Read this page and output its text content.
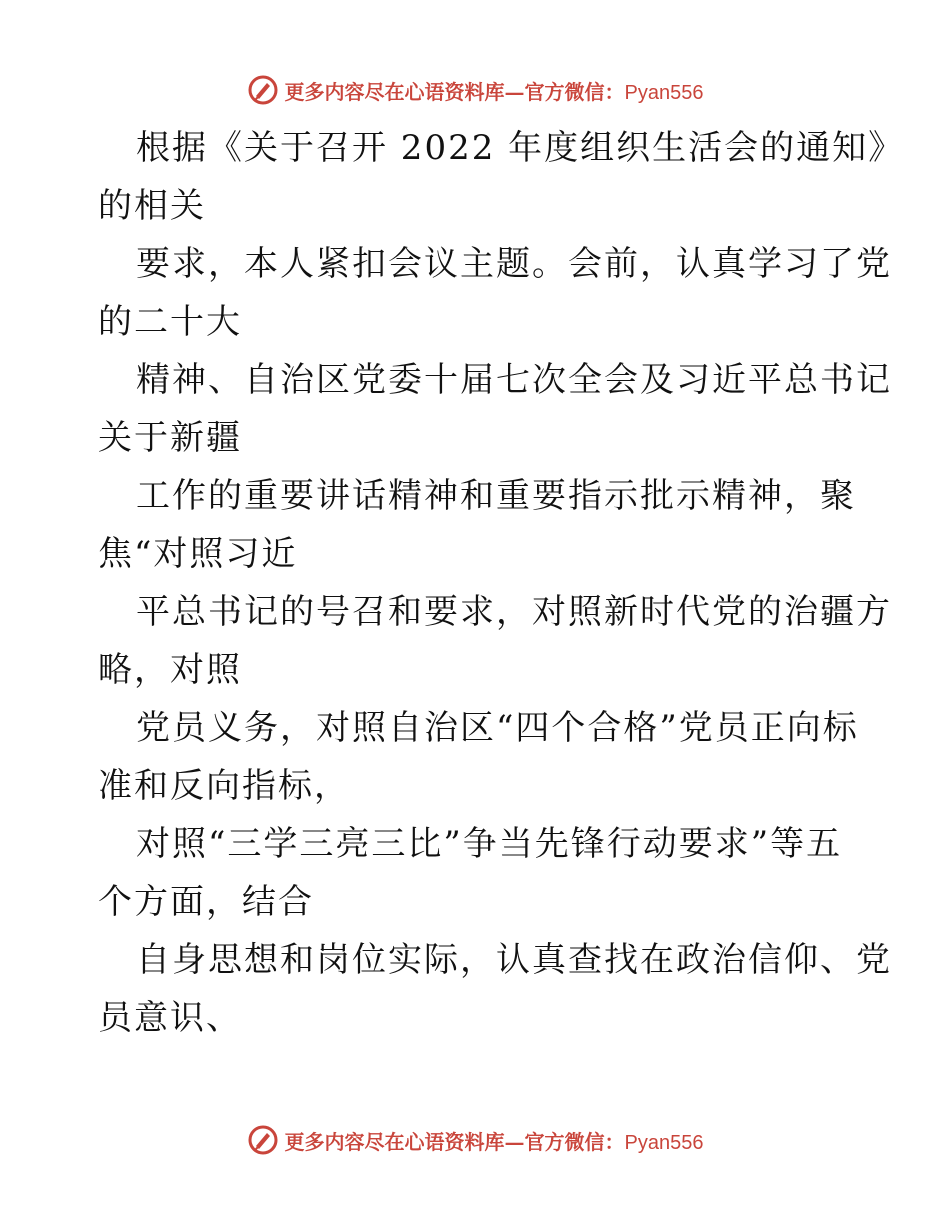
更多内容尽在心语资料库—官方微信：Pyan556
根据《关于召开 2022 年度组织生活会的通知》
的相关
要求，本人紧扣会议主题。会前，认真学习了党
的二十大
精神、自治区党委十届七次全会及习近平总书记
关于新疆
工作的重要讲话精神和重要指示批示精神，聚
焦“对照习近
平总书记的号召和要求，对照新时代党的治疆方
略，对照
党员义务，对照自治区“四个合格”党员正向标
准和反向指标，
对照“三学三亮三比”争当先锋行动要求”等五
个方面，结合
自身思想和岗位实际，认真查找在政治信仰、党
员意识、
更多内容尽在心语资料库—官方微信：Pyan556
